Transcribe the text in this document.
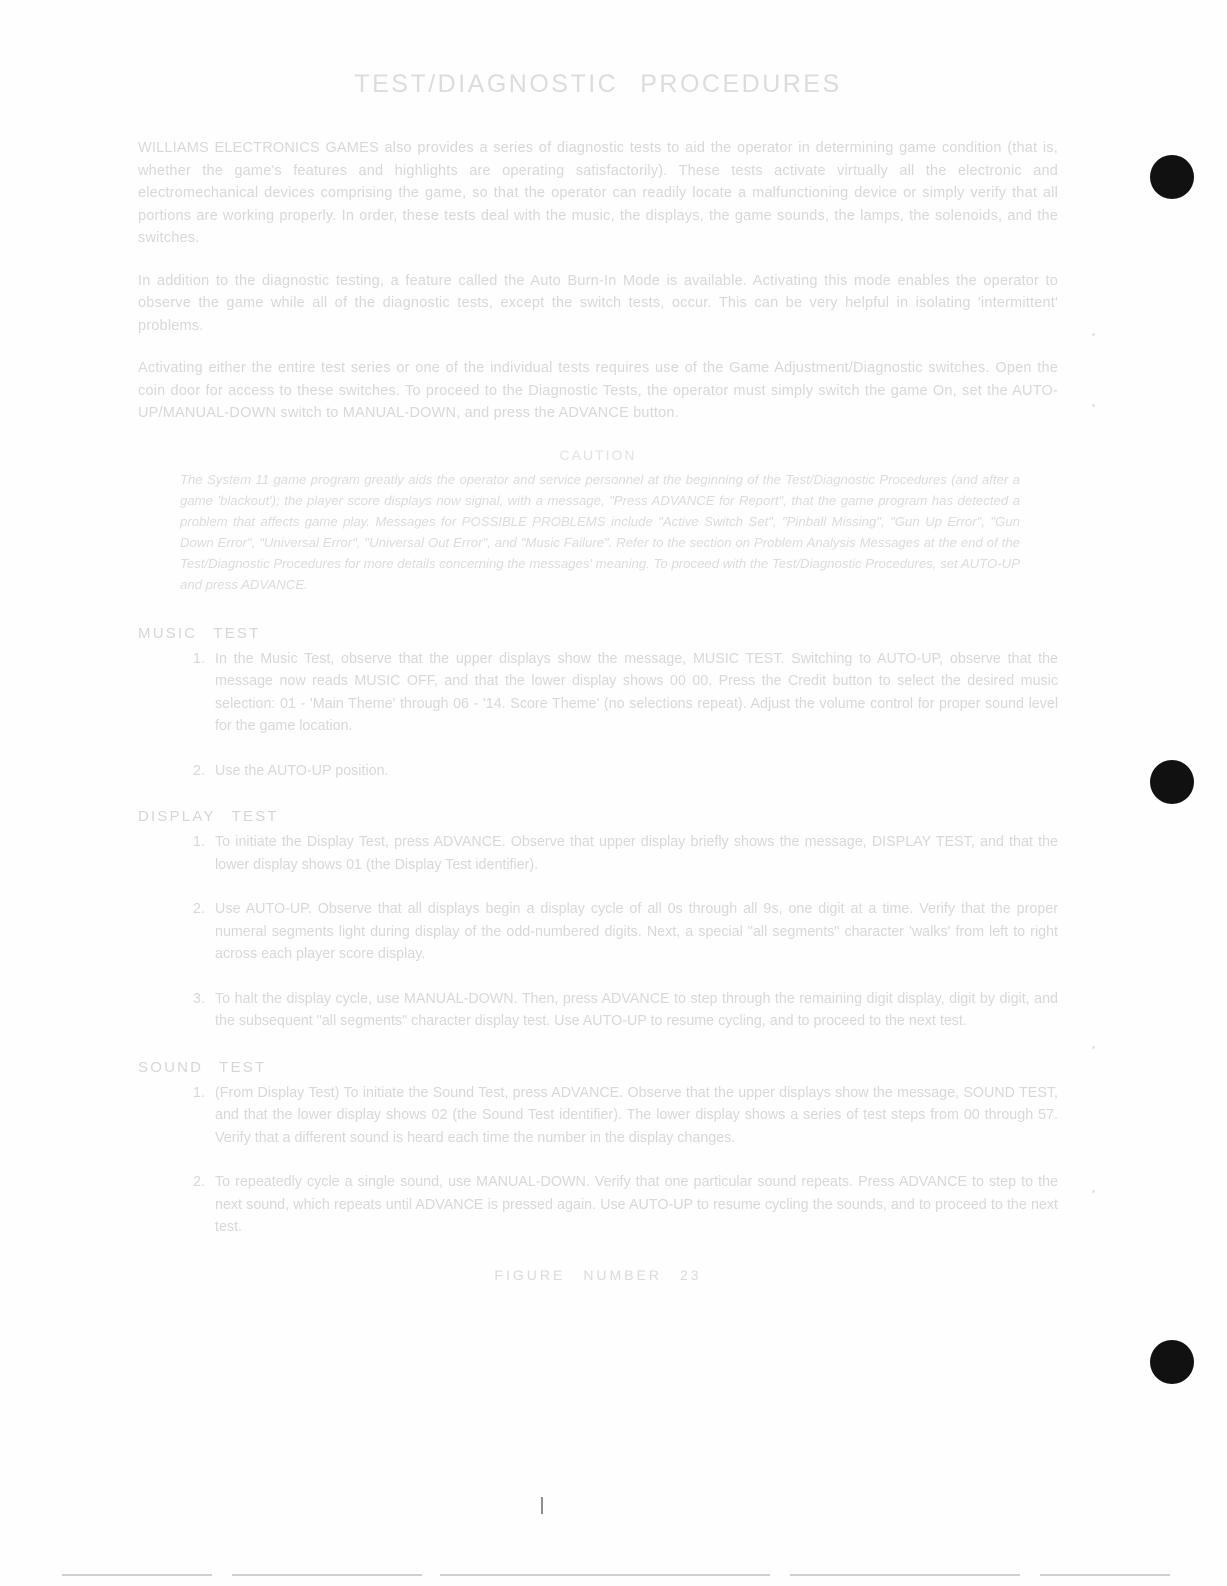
TEST/DIAGNOSTIC PROCEDURES

WILLIAMS ELECTRONICS GAMES also provides a series of diagnostic tests to aid the operator in determining game condition (that is, whether the game's features and highlights are operating satisfactorily). These tests activate virtually all the electronic and electromechanical devices comprising the game, so that the operator can readily locate a malfunctioning device or simply verify that all portions are working properly. In order, these tests deal with the music, the displays, the game sounds, the lamps, the solenoids, and the switches.

In addition to the diagnostic testing, a feature called the Auto Burn-In Mode is available. Activating this mode enables the operator to observe the game while all of the diagnostic tests, except the switch tests, occur. This can be very helpful in isolating 'intermittent' problems.

Activating either the entire test series or one of the individual tests requires use of the Game Adjustment/Diagnostic switches. Open the coin door for access to these switches. To proceed to the Diagnostic Tests, the operator must simply switch the game On, set the AUTO-UP/MANUAL-DOWN switch to MANUAL-DOWN, and press the ADVANCE button.

CAUTION

The System 11 game program greatly aids the operator and service personnel at the beginning of the Test/Diagnostic Procedures (and after a game 'blackout'); the player score displays now signal, with a message, "Press ADVANCE for Report", that the game program has detected a problem that affects game play. Messages for POSSIBLE PROBLEMS include "Active Switch Set", "Pinball Missing", "Gun Up Error", "Gun Down Error", "Universal Error", "Universal Out Error", and "Music Failure". Refer to the section on Problem Analysis Messages at the end of the Test/Diagnostic Procedures for more details concerning the messages' meaning. To proceed with the Test/Diagnostic Procedures, set AUTO-UP and press ADVANCE.

MUSIC TEST
1. In the Music Test, observe that the upper displays show the message, MUSIC TEST. Switching to AUTO-UP, observe that the message now reads MUSIC OFF, and that the lower display shows 00 00. Press the Credit button to select the desired music selection: 01 - 'Main Theme' through 06 - '14. Score Theme' (no selections repeat). Adjust the volume control for proper sound level for the game location.
2. Use the AUTO-UP position.
DISPLAY TEST
1. To initiate the Display Test, press ADVANCE. Observe that upper display briefly shows the message, DISPLAY TEST, and that the lower display shows 01 (the Display Test identifier).
2. Use AUTO-UP. Observe that all displays begin a display cycle of all 0s through all 9s, one digit at a time. Verify that the proper numeral segments light during display of the odd-numbered digits. Next, a special "all segments" character 'walks' from left to right across each player score display.
3. To halt the display cycle, use MANUAL-DOWN. Then, press ADVANCE to step through the remaining digit display, digit by digit, and the subsequent "all segments" character display test. Use AUTO-UP to resume cycling, and to proceed to the next test.
SOUND TEST
1. (From Display Test) To initiate the Sound Test, press ADVANCE. Observe that the upper displays show the message, SOUND TEST, and that the lower display shows 02 (the Sound Test identifier). The lower display shows a series of test steps from 00 through 57. Verify that a different sound is heard each time the number in the display changes.
2. To repeatedly cycle a single sound, use MANUAL-DOWN. Verify that one particular sound repeats. Press ADVANCE to step to the next sound, which repeats until ADVANCE is pressed again. Use AUTO-UP to resume cycling the sounds, and to proceed to the next test.
FIGURE NUMBER 23
